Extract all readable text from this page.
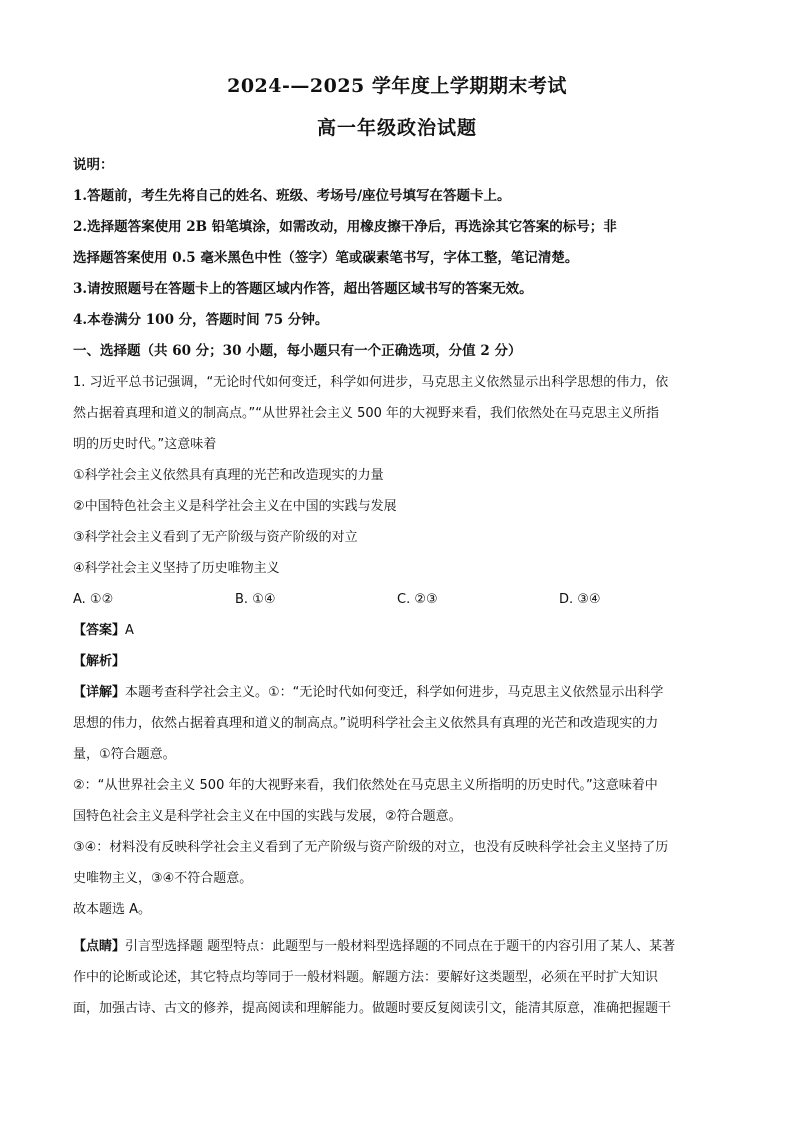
2024-—2025 学年度上学期期末考试
高一年级政治试题
说明：
1.答题前，考生先将自己的姓名、班级、考场号/座位号填写在答题卡上。
2.选择题答案使用 2B 铅笔填涂，如需改动，用橡皮擦干净后，再选涂其它答案的标号；非
选择题答案使用 0.5 毫米黑色中性（签字）笔或碳素笔书写，字体工整，笔记清楚。
3.请按照题号在答题卡上的答题区域内作答，超出答题区域书写的答案无效。
4.本卷满分 100 分，答题时间 75 分钟。
一、选择题（共 60 分；30 小题，每小题只有一个正确选项，分值 2 分）
1. 习近平总书记强调，“无论时代如何变迁，科学如何进步，马克思主义依然显示出科学思想的伟力，依
然占据着真理和道义的制高点。”“从世界社会主义 500 年的大视野来看，我们依然处在马克思主义所指
明的历史时代。”这意味着
①科学社会主义依然具有真理的光芒和改造现实的力量
②中国特色社会主义是科学社会主义在中国的实践与发展
③科学社会主义看到了无产阶级与资产阶级的对立
④科学社会主义坚持了历史唯物主义
A. ①②	B. ①④	C. ②③	D. ③④
【答案】A
【解析】
【详解】本题考查科学社会主义。①：“无论时代如何变迁，科学如何进步，马克思主义依然显示出科学
思想的伟力，依然占据着真理和道义的制高点。”说明科学社会主义依然具有真理的光芒和改造现实的力
量，①符合题意。
②：“从世界社会主义 500 年的大视野来看，我们依然处在马克思主义所指明的历史时代。”这意味着中
国特色社会主义是科学社会主义在中国的实践与发展，②符合题意。
③④：材料没有反映科学社会主义看到了无产阶级与资产阶级的对立，也没有反映科学社会主义坚持了历
史唯物主义，③④不符合题意。
故本题选 A。
【点睛】引言型选择题 题型特点：此题型与一般材料型选择题的不同点在于题干的内容引用了某人、某著
作中的论断或论述，其它特点均等同于一般材料题。解题方法：要解好这类题型，必须在平时扩大知识
面，加强古诗、古文的修养，提高阅读和理解能力。做题时要反复阅读引文，能清其原意，准确把握题干
